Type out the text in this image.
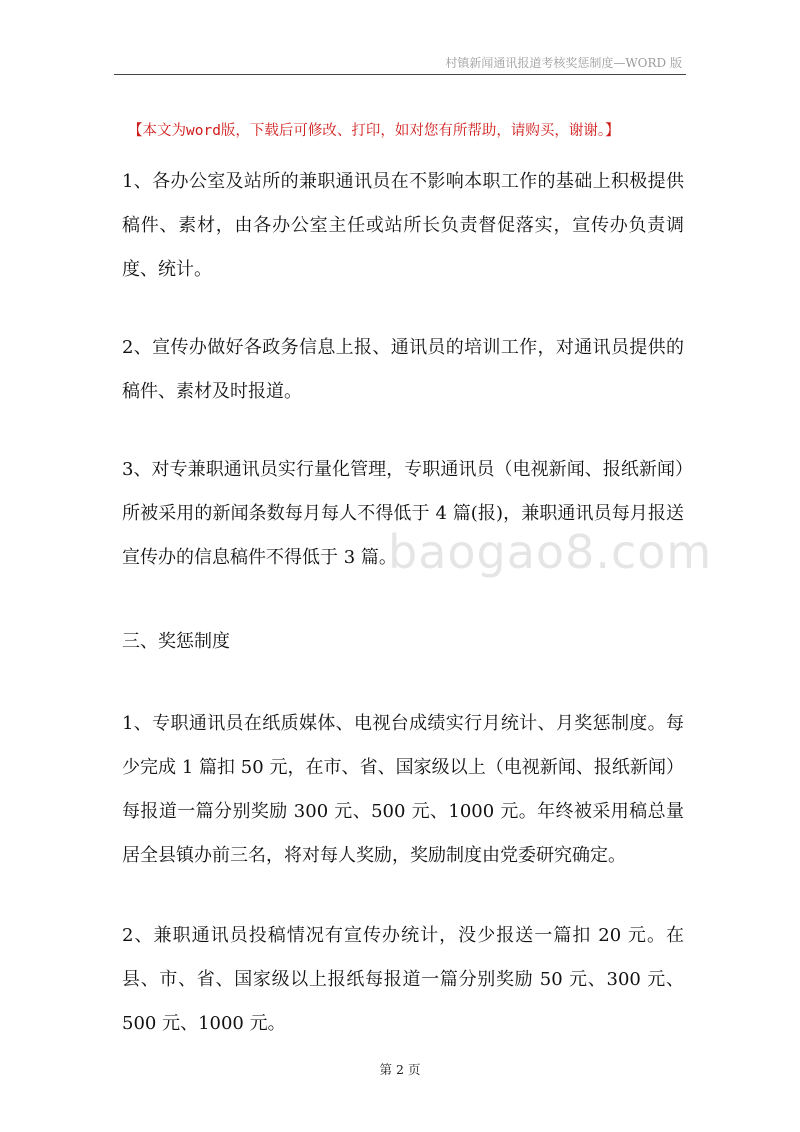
村镇新闻通讯报道考核奖惩制度—WORD 版
【本文为word版，下载后可修改、打印，如对您有所帮助，请购买，谢谢。】

1、各办公室及站所的兼职通讯员在不影响本职工作的基础上积极提供稿件、素材，由各办公室主任或站所长负责督促落实，宣传办负责调度、统计。

2、宣传办做好各政务信息上报、通讯员的培训工作，对通讯员提供的稿件、素材及时报道。

3、对专兼职通讯员实行量化管理，专职通讯员（电视新闻、报纸新闻）所被采用的新闻条数每月每人不得低于 4 篇(报)，兼职通讯员每月报送宣传办的信息稿件不得低于 3 篇。

三、奖惩制度

1、专职通讯员在纸质媒体、电视台成绩实行月统计、月奖惩制度。每少完成 1 篇扣 50 元，在市、省、国家级以上（电视新闻、报纸新闻）每报道一篇分别奖励 300 元、500 元、1000 元。年终被采用稿总量居全县镇办前三名，将对每人奖励，奖励制度由党委研究确定。

2、兼职通讯员投稿情况有宣传办统计，没少报送一篇扣 20 元。在县、市、省、国家级以上报纸每报道一篇分别奖励 50 元、300 元、500 元、1000 元。

baogao8.com
第 2 页
